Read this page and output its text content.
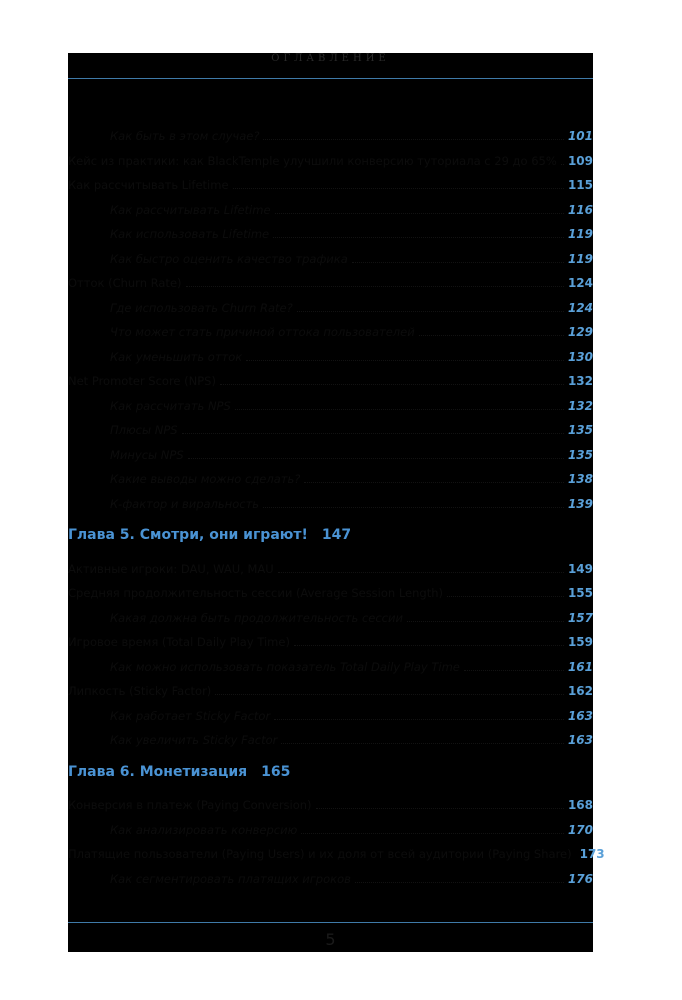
ОГЛАВЛЕНИЕ
Как быть в этом случае?	101
Кейс из практики: как BlackTemple улучшили конверсию туториала с 29 до 65% 109
Как рассчитывать Lifetime	115
Как рассчитывать Lifetime	116
Как использовать Lifetime	119
Как быстро оценить качество трафика	119
Отток (Churn Rate)	124
Где использовать Churn Rate?	124
Что может стать причиной оттока пользователей	129
Как уменьшить отток	130
Net Promoter Score (NPS)	132
Как рассчитать NPS	132
Плюсы NPS	135
Минусы NPS	135
Какие выводы можно сделать?	138
К-фактор и виральность	139
Глава 5. Смотри, они играют! 147
Активные игроки: DAU, WAU, MAU	149
Средняя продолжительность сессии (Average Session Length)	155
Какая должна быть продолжительность сессии	157
Игровое время (Total Daily Play Time)	159
Как можно использовать показатель Total Daily Play Time	161
Липкость (Sticky Factor)	162
Как работает Sticky Factor	163
Как увеличить Sticky Factor	163
Глава 6. Монетизация 165
Конверсия в платеж (Paying Conversion)	168
Как анализировать конверсию	170
Платящие пользователи (Paying Users) и их доля от всей аудитории (Paying Share) 173
Как сегментировать платящих игроков	176
5
